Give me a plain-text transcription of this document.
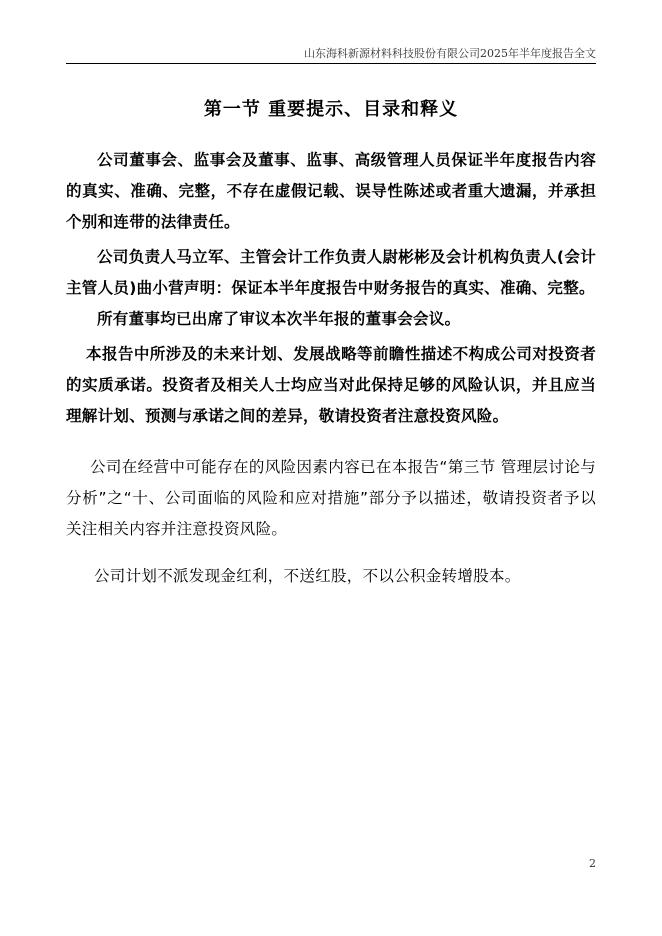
山东海科新源材料科技股份有限公司2025年半年度报告全文
第一节 重要提示、目录和释义

公司董事会、监事会及董事、监事、高级管理人员保证半年度报告内容的真实、准确、完整，不存在虚假记载、误导性陈述或者重大遗漏，并承担个别和连带的法律责任。

公司负责人马立军、主管会计工作负责人尉彬彬及会计机构负责人(会计主管人员)曲小营声明：保证本半年度报告中财务报告的真实、准确、完整。

所有董事均已出席了审议本次半年报的董事会会议。

本报告中所涉及的未来计划、发展战略等前瞻性描述不构成公司对投资者的实质承诺。投资者及相关人士均应当对此保持足够的风险认识，并且应当理解计划、预测与承诺之间的差异，敬请投资者注意投资风险。

公司在经营中可能存在的风险因素内容已在本报告“第三节 管理层讨论与分析”之“十、公司面临的风险和应对措施”部分予以描述，敬请投资者予以关注相关内容并注意投资风险。

公司计划不派发现金红利，不送红股，不以公积金转增股本。

2
